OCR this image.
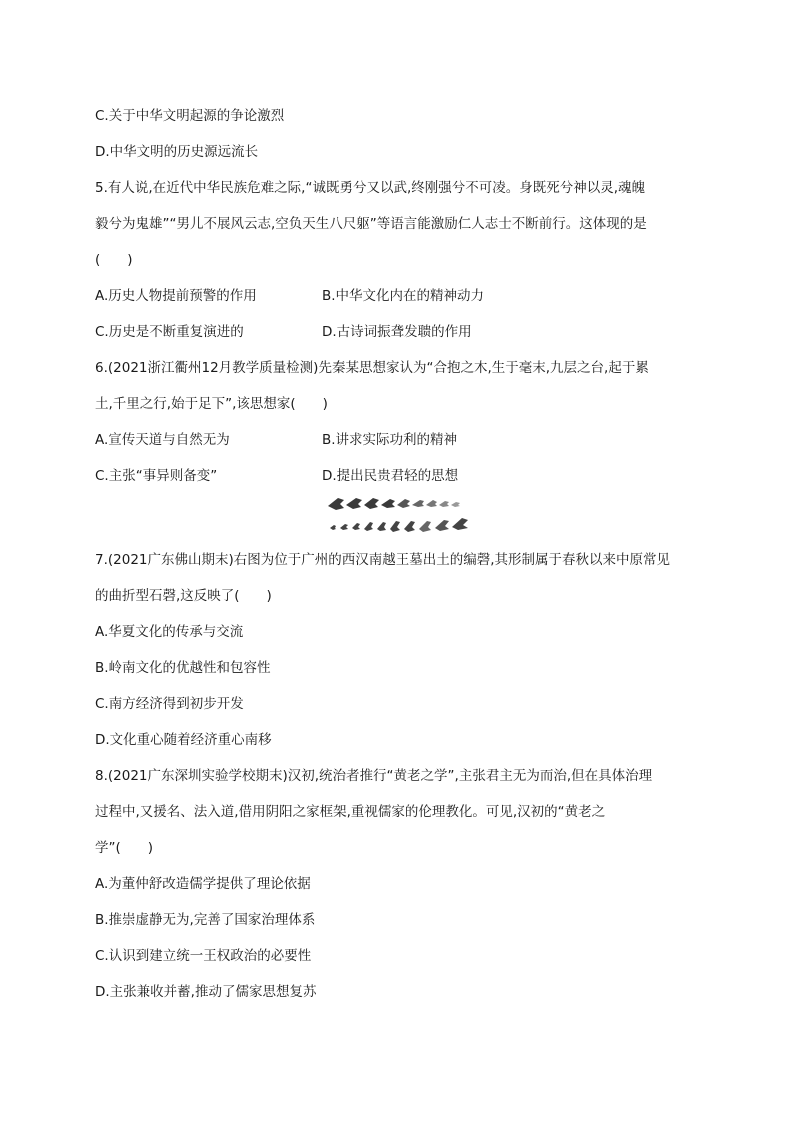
C.关于中华文明起源的争论激烈
D.中华文明的历史源远流长
5.有人说,在近代中华民族危难之际,“诚既勇兮又以武,终刚强兮不可凌。身既死兮神以灵,魂魄
毅兮为鬼雄”“男儿不展风云志,空负天生八尺躯”等语言能激励仁人志士不断前行。这体现的是
(　　)
A.历史人物提前预警的作用	B.中华文化内在的精神动力
C.历史是不断重复演进的	D.古诗词振聋发聩的作用
6.(2021浙江衢州12月教学质量检测)先秦某思想家认为“合抱之木,生于毫末,九层之台,起于累
土,千里之行,始于足下”,该思想家(　　)
A.宣传天道与自然无为	B.讲求实际功利的精神
C.主张“事异则备变”	D.提出民贵君轻的思想
7.(2021广东佛山期末)右图为位于广州的西汉南越王墓出土的编磬,其形制属于春秋以来中原常见
的曲折型石磬,这反映了(　　)
A.华夏文化的传承与交流
B.岭南文化的优越性和包容性
C.南方经济得到初步开发
D.文化重心随着经济重心南移
8.(2021广东深圳实验学校期末)汉初,统治者推行“黄老之学”,主张君主无为而治,但在具体治理
过程中,又援名、法入道,借用阴阳之家框架,重视儒家的伦理教化。可见,汉初的“黄老之
学”(　　)
A.为董仲舒改造儒学提供了理论依据
B.推崇虚静无为,完善了国家治理体系
C.认识到建立统一王权政治的必要性
D.主张兼收并蓄,推动了儒家思想复苏
